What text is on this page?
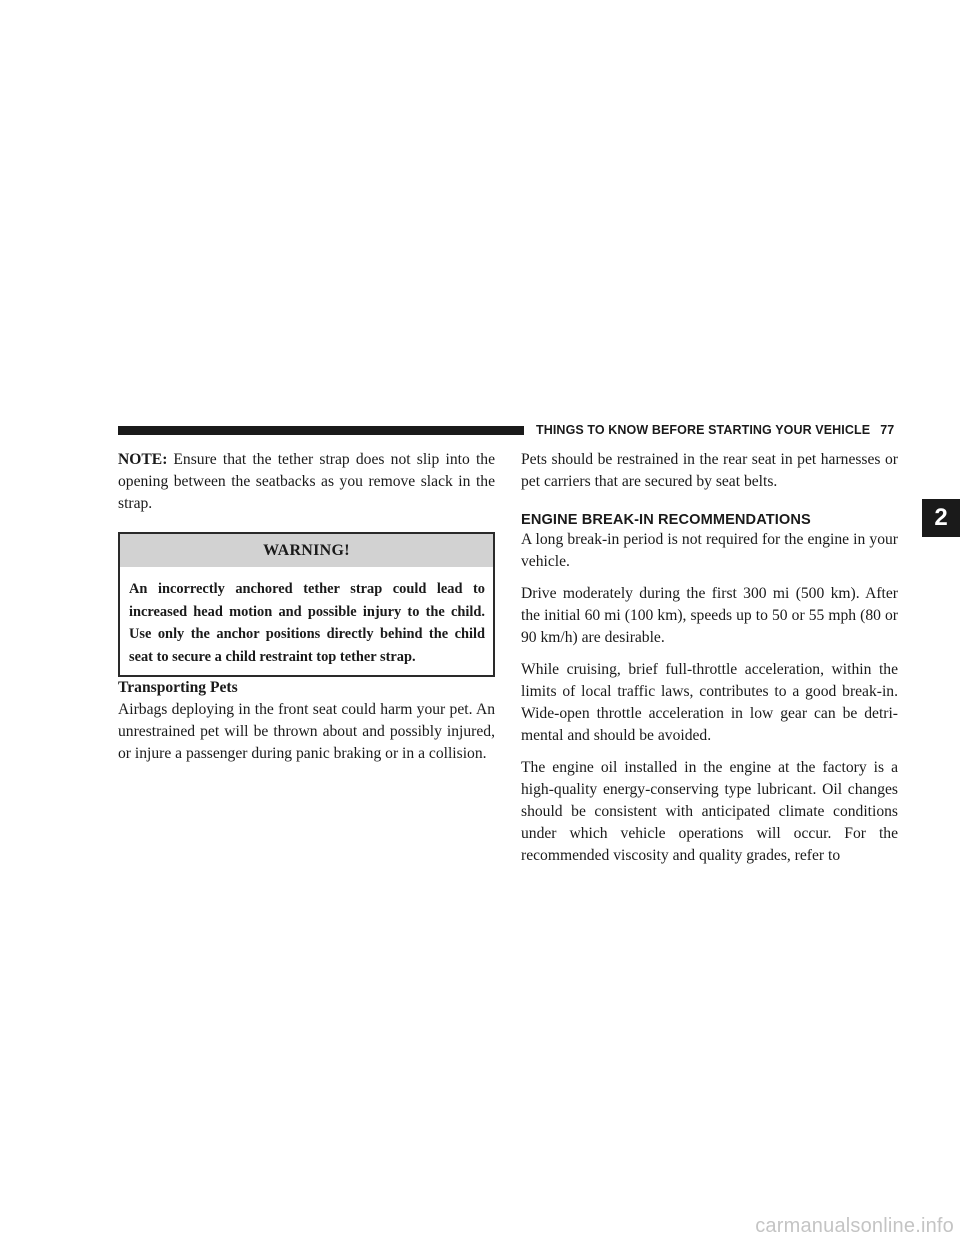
THINGS TO KNOW BEFORE STARTING YOUR VEHICLE 77

NOTE: Ensure that the tether strap does not slip into the opening between the seatbacks as you remove slack in the strap.

WARNING!
An incorrectly anchored tether strap could lead to increased head motion and possible injury to the child. Use only the anchor positions directly behind the child seat to secure a child restraint top tether strap.

Transporting Pets

Airbags deploying in the front seat could harm your pet. An unrestrained pet will be thrown about and possibly injured, or injure a passenger during panic braking or in a collision.

Pets should be restrained in the rear seat in pet harnesses or pet carriers that are secured by seat belts.

ENGINE BREAK-IN RECOMMENDATIONS

A long break-in period is not required for the engine in your vehicle.

Drive moderately during the first 300 mi (500 km). After the initial 60 mi (100 km), speeds up to 50 or 55 mph (80 or 90 km/h) are desirable.

While cruising, brief full-throttle acceleration, within the limits of local traffic laws, contributes to a good break-in. Wide-open throttle acceleration in low gear can be detri-mental and should be avoided.

The engine oil installed in the engine at the factory is a high-quality energy-conserving type lubricant. Oil changes should be consistent with anticipated climate conditions under which vehicle operations will occur. For the recommended viscosity and quality grades, refer to

2
carmanualsonline.info
